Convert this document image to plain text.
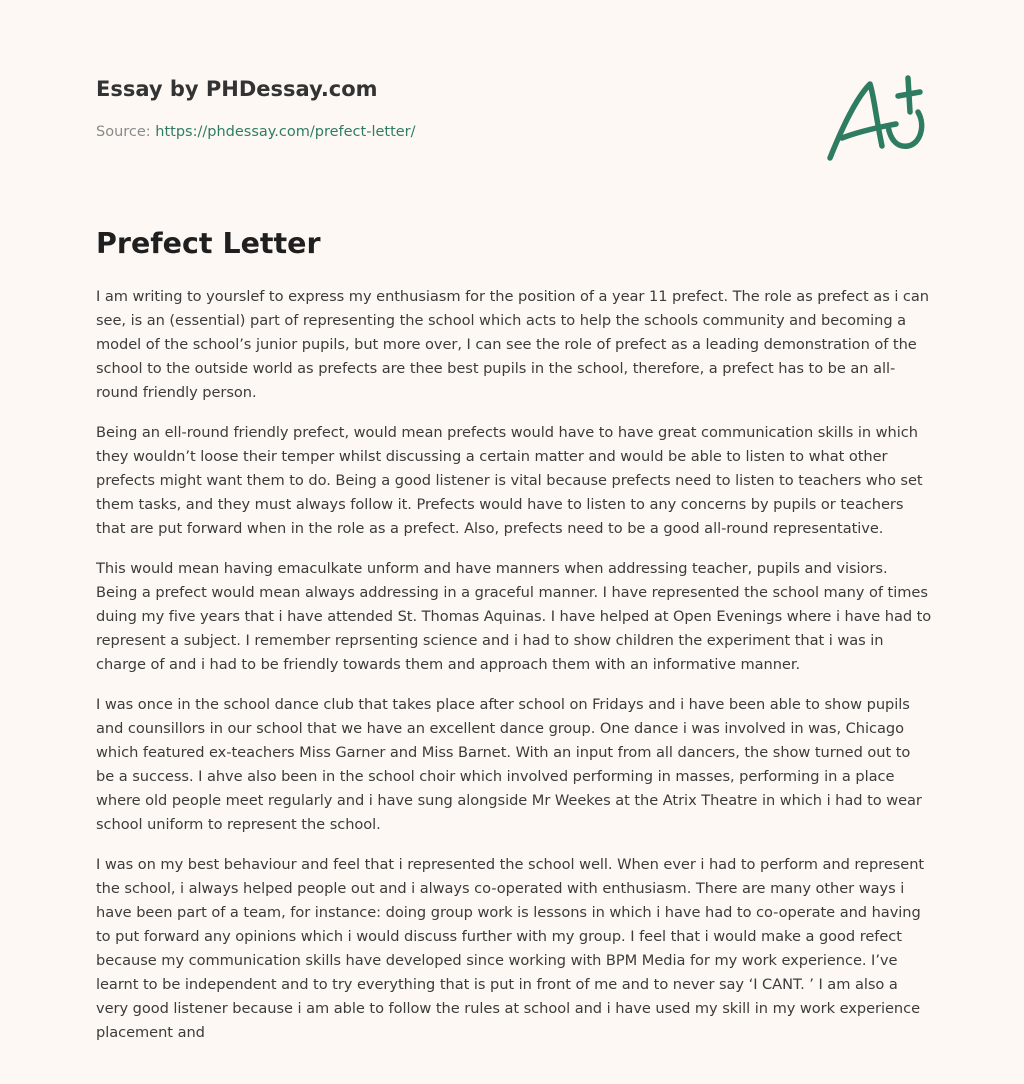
Essay by PHDessay.com
Source: https://phdessay.com/prefect-letter/
Prefect Letter

I am writing to yourslef to express my enthusiasm for the position of a year 11 prefect. The role as prefect as i can see, is an (essential) part of representing the school which acts to help the schools community and becoming a model of the school’s junior pupils, but more over, I can see the role of prefect as a leading demonstration of the school to the outside world as prefects are thee best pupils in the school, therefore, a prefect has to be an all-round friendly person.

Being an ell-round friendly prefect, would mean prefects would have to have great communication skills in which they wouldn’t loose their temper whilst discussing a certain matter and would be able to listen to what other prefects might want them to do. Being a good listener is vital because prefects need to listen to teachers who set them tasks, and they must always follow it. Prefects would have to listen to any concerns by pupils or teachers that are put forward when in the role as a prefect. Also, prefects need to be a good all-round representative.

This would mean having emaculkate unform and have manners when addressing teacher, pupils and visiors. Being a prefect would mean always addressing in a graceful manner. I have represented the school many of times duing my five years that i have attended St. Thomas Aquinas. I have helped at Open Evenings where i have had to represent a subject. I remember reprsenting science and i had to show children the experiment that i was in charge of and i had to be friendly towards them and approach them with an informative manner.

I was once in the school dance club that takes place after school on Fridays and i have been able to show pupils and counsillors in our school that we have an excellent dance group. One dance i was involved in was, Chicago which featured ex-teachers Miss Garner and Miss Barnet. With an input from all dancers, the show turned out to be a success. I ahve also been in the school choir which involved performing in masses, performing in a place where old people meet regularly and i have sung alongside Mr Weekes at the Atrix Theatre in which i had to wear school uniform to represent the school.

I was on my best behaviour and feel that i represented the school well. When ever i had to perform and represent the school, i always helped people out and i always co-operated with enthusiasm. There are many other ways i have been part of a team, for instance: doing group work is lessons in which i have had to co-operate and having to put forward any opinions which i would discuss further with my group. I feel that i would make a good refect because my communication skills have developed since working with BPM Media for my work experience. I’ve learnt to be independent and to try everything that is put in front of me and to never say ‘I CANT. ’ I am also a very good listener because i am able to follow the rules at school and i have used my skill in my work experience placement and
